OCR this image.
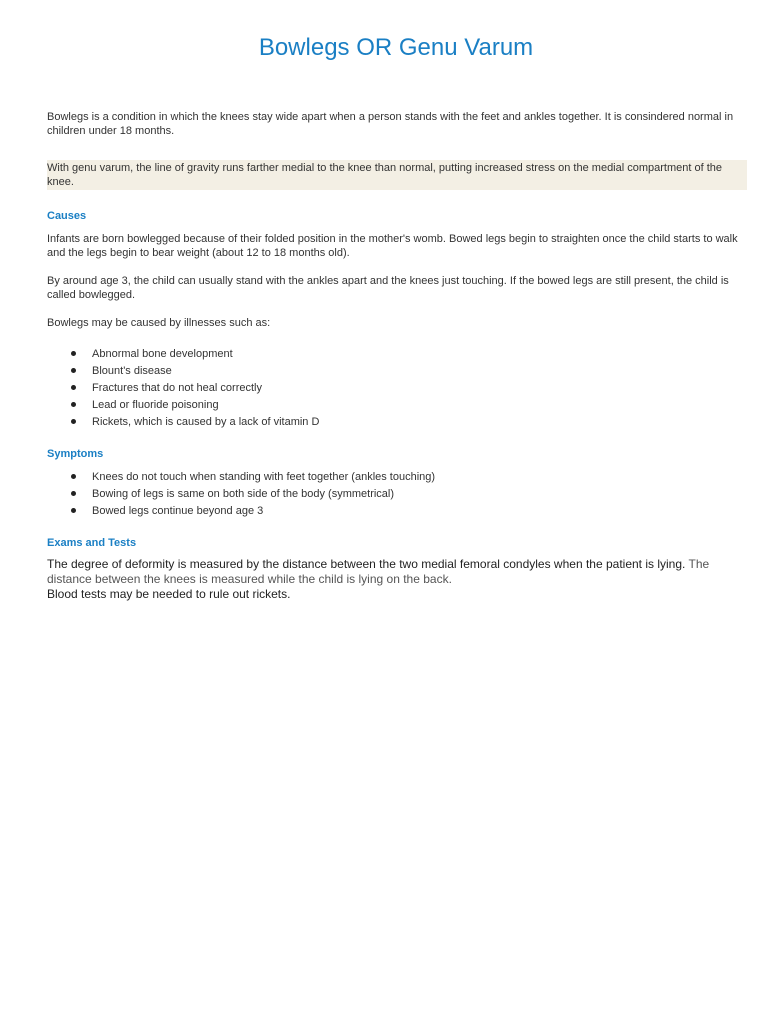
Bowlegs OR Genu Varum

Bowlegs is a condition in which the knees stay wide apart when a person stands with the feet and ankles together. It is consindered normal in children under 18 months.

With genu varum, the line of gravity runs farther medial to the knee than normal, putting increased stress on the medial compartment of the knee.

Causes

Infants are born bowlegged because of their folded position in the mother's womb. Bowed legs begin to straighten once the child starts to walk and the legs begin to bear weight (about 12 to 18 months old).

By around age 3, the child can usually stand with the ankles apart and the knees just touching. If the bowed legs are still present, the child is called bowlegged.

Bowlegs may be caused by illnesses such as:

Abnormal bone development
Blount's disease
Fractures that do not heal correctly
Lead or fluoride poisoning
Rickets, which is caused by a lack of vitamin D
Symptoms
Knees do not touch when standing with feet together (ankles touching)
Bowing of legs is same on both side of the body (symmetrical)
Bowed legs continue beyond age 3
Exams and Tests

The degree of deformity is measured by the distance between the two medial femoral condyles when the patient is lying. The distance between the knees is measured while the child is lying on the back.
Blood tests may be needed to rule out rickets.
